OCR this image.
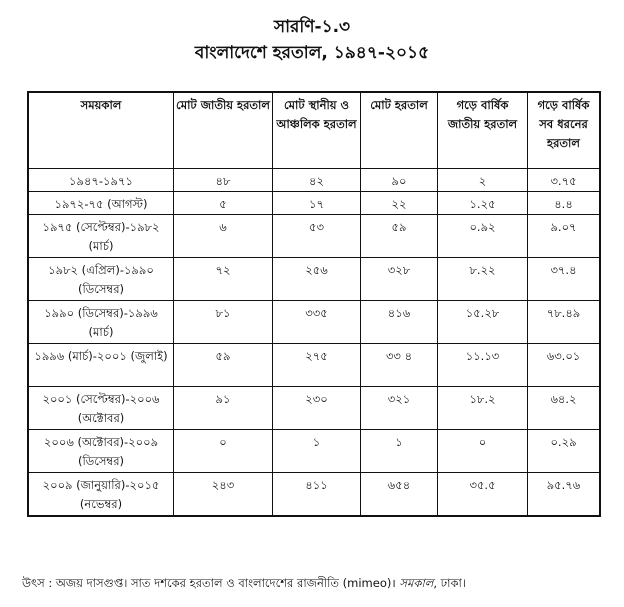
সারণি-১.৩
বাংলাদেশে হরতাল, ১৯৪৭-২০১৫
সময়কাল	মোট জাতীয় হরতাল	মোট স্থানীয় ও আঞ্চলিক হরতাল	মোট হরতাল	গড়ে বার্ষিক জাতীয় হরতাল	গড়ে বার্ষিক সব ধরনের হরতাল
১৯৪৭-১৯৭১	৪৮	৪২	৯০	২	৩.৭৫
১৯৭২-৭৫ (আগস্ট)	৫	১৭	২২	১.২৫	৪.৪
১৯৭৫ (সেপ্টেম্বর)-১৯৮২ (মার্চ)	৬	৫৩	৫৯	০.৯২	৯.০৭
১৯৮২ (এপ্রিল)-১৯৯০ (ডিসেম্বর)	৭২	২৫৬	৩২৮	৮.২২	৩৭.৪
১৯৯০ (ডিসেম্বর)-১৯৯৬ (মার্চ)	৮১	৩৩৫	৪১৬	১৫.২৮	৭৮.৪৯
১৯৯৬ (মার্চ)-২০০১ (জুলাই)	৫৯	২৭৫	৩৩ ৪	১১.১৩	৬৩.০১
২০০১ (সেপ্টেম্বর)-২০০৬ (অক্টোবর)	৯১	২৩০	৩২১	১৮.২	৬৪.২
২০০৬ (অক্টোবর)-২০০৯ (ডিসেম্বর)	০	১	১	০	০.২৯
২০০৯ (জানুয়ারি)-২০১৫ (নভেম্বর)	২৪৩	৪১১	৬৫৪	৩৫.৫	৯৫.৭৬
উৎস : অজয় দাসগুপ্ত। সাত দশকের হরতাল ও বাংলাদেশের রাজনীতি (mimeo)। সমকাল, ঢাকা।
